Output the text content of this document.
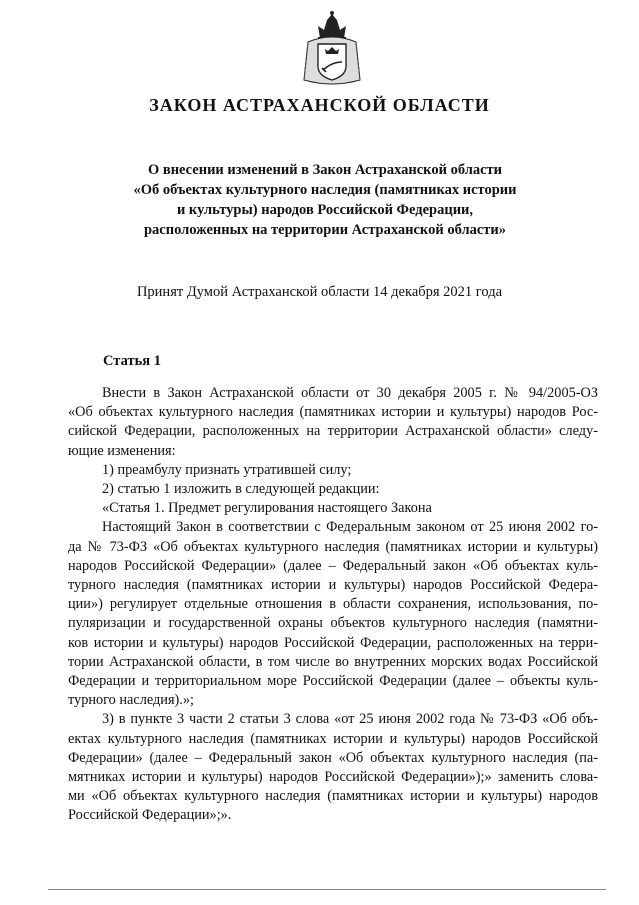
ЗАКОН АСТРАХАНСКОЙ ОБЛАСТИ
О внесении изменений в Закон Астраханской области
«Об объектах культурного наследия (памятниках истории
и культуры) народов Российской Федерации,
расположенных на территории Астраханской области»

Принят Думой Астраханской области 14 декабря 2021 года

Статья 1
Внести в Закон Астраханской области от 30 декабря 2005 г. № 94/2005-ОЗ
«Об объектах культурного наследия (памятниках истории и культуры) народов Рос-
сийской Федерации, расположенных на территории Астраханской области» следу-
ющие изменения:
1) преамбулу признать утратившей силу;
2) статью 1 изложить в следующей редакции:
«Статья 1. Предмет регулирования настоящего Закона
Настоящий Закон в соответствии с Федеральным законом от 25 июня 2002 го-
да № 73-ФЗ «Об объектах культурного наследия (памятниках истории и культуры)
народов Российской Федерации» (далее – Федеральный закон «Об объектах куль-
турного наследия (памятниках истории и культуры) народов Российской Федера-
ции») регулирует отдельные отношения в области сохранения, использования, по-
пуляризации и государственной охраны объектов культурного наследия (памятни-
ков истории и культуры) народов Российской Федерации, расположенных на терри-
тории Астраханской области, в том числе во внутренних морских водах Российской
Федерации и территориальном море Российской Федерации (далее – объекты куль-
турного наследия).»;
3) в пункте 3 части 2 статьи 3 слова «от 25 июня 2002 года № 73-ФЗ «Об объ-
ектах культурного наследия (памятниках истории и культуры) народов Российской
Федерации» (далее – Федеральный закон «Об объектах культурного наследия (па-
мятниках истории и культуры) народов Российской Федерации»);» заменить слова-
ми «Об объектах культурного наследия (памятниках истории и культуры) народов
Российской Федерации»;».
